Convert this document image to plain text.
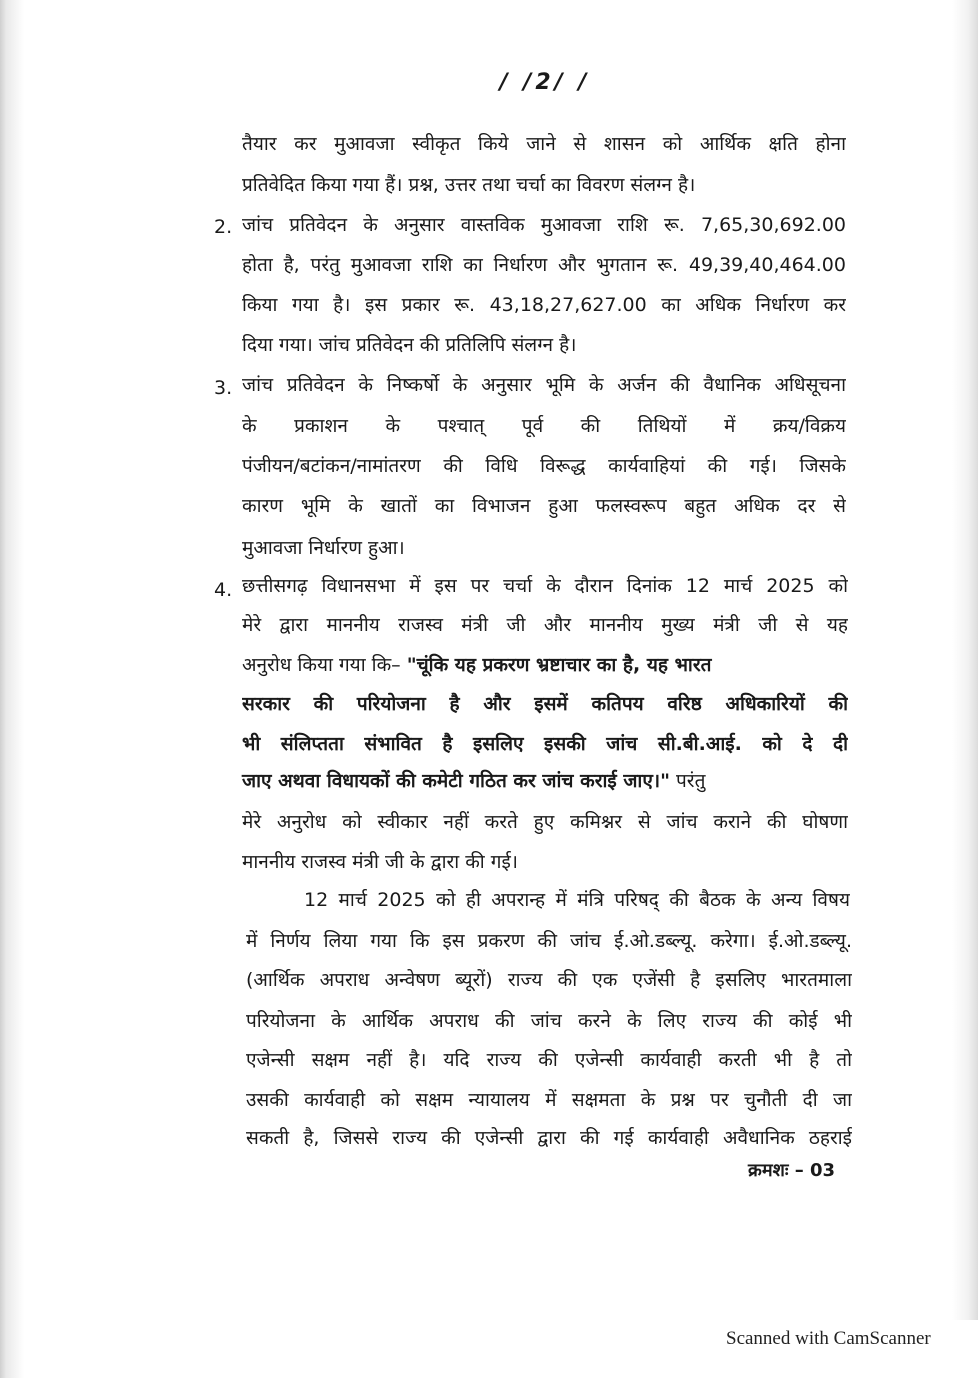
/ /2/ /
तैयार कर मुआवजा स्वीकृत किये जाने से शासन को आर्थिक क्षति होना
प्रतिवेदित किया गया हैं। प्रश्न, उत्तर तथा चर्चा का विवरण संलग्न है।
2. जांच प्रतिवेदन के अनुसार वास्तविक मुआवजा राशि रू. 7,65,30,692.00
होता है, परंतु मुआवजा राशि का निर्धारण और भुगतान रू. 49,39,40,464.00
किया गया है। इस प्रकार रू. 43,18,27,627.00 का अधिक निर्धारण कर
दिया गया। जांच प्रतिवेदन की प्रतिलिपि संलग्न है।
3. जांच प्रतिवेदन के निष्कर्षो के अनुसार भूमि के अर्जन की वैधानिक अधिसूचना
के प्रकाशन के पश्चात् पूर्व की तिथियों में क्रय/विक्रय
पंजीयन/बटांकन/नामांतरण की विधि विरूद्ध कार्यवाहियां की गई। जिसके
कारण भूमि के खातों का विभाजन हुआ फलस्वरूप बहुत अधिक दर से
मुआवजा निर्धारण हुआ।
4. छत्तीसगढ़ विधानसभा में इस पर चर्चा के दौरान दिनांक 12 मार्च 2025 को
मेरे द्वारा माननीय राजस्व मंत्री जी और माननीय मुख्य मंत्री जी से यह
अनुरोध किया गया कि– "चूंकि यह प्रकरण भ्रष्टाचार का है, यह भारत
सरकार की परियोजना है और इसमें कतिपय वरिष्ठ अधिकारियों की
भी संलिप्तता संभावित है इसलिए इसकी जांच सी.बी.आई. को दे दी
जाए अथवा विधायकों की कमेटी गठित कर जांच कराई जाए।" परंतु
मेरे अनुरोध को स्वीकार नहीं करते हुए कमिश्नर से जांच कराने की घोषणा
माननीय राजस्व मंत्री जी के द्वारा की गई।
12 मार्च 2025 को ही अपरान्ह में मंत्रि परिषद् की बैठक के अन्य विषय
में निर्णय लिया गया कि इस प्रकरण की जांच ई.ओ.डब्ल्यू. करेगा। ई.ओ.डब्ल्यू.
(आर्थिक अपराध अन्वेषण ब्यूरों) राज्य की एक एजेंसी है इसलिए भारतमाला
परियोजना के आर्थिक अपराध की जांच करने के लिए राज्य की कोई भी
एजेन्सी सक्षम नहीं है। यदि राज्य की एजेन्सी कार्यवाही करती भी है तो
उसकी कार्यवाही को सक्षम न्यायालय में सक्षमता के प्रश्न पर चुनौती दी जा
सकती है, जिससे राज्य की एजेन्सी द्वारा की गई कार्यवाही अवैधानिक ठहराई
क्रमशः – 03
Scanned with CamScanner
